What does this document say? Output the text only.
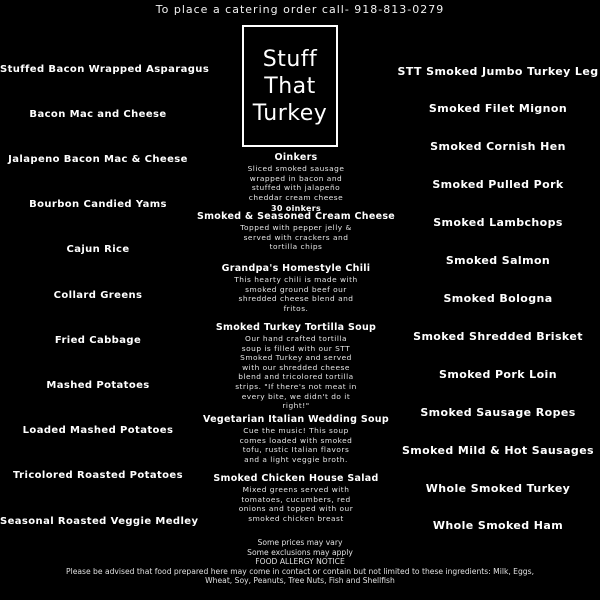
To place a catering order call- 918-813-0279
Stuff
That
Turkey
Stuffed Bacon Wrapped Asparagus
Bacon Mac and Cheese
Jalapeno Bacon Mac & Cheese
Bourbon Candied Yams
Cajun Rice
Collard Greens
Fried Cabbage
Mashed Potatoes
Loaded Mashed Potatoes
Tricolored Roasted Potatoes
Seasonal Roasted Veggie Medley
Oinkers
Sliced smoked sausage wrapped in bacon and stuffed with jalapeño cheddar cream cheese
30 oinkers
Smoked & Seasoned Cream Cheese
Topped with pepper jelly & served with crackers and tortilla chips
Grandpa's Homestyle Chili
This hearty chili is made with smoked ground beef our shredded cheese blend and fritos.
Smoked Turkey Tortilla Soup
Our hand crafted tortilla soup is filled with our STT Smoked Turkey and served with our shredded cheese blend and tricolored tortilla strips. "If there's not meat in every bite, we didn't do it right!"
Vegetarian Italian Wedding Soup
Cue the music! This soup comes loaded with smoked tofu, rustic Italian flavors and a light veggie broth.
Smoked Chicken House Salad
Mixed greens served with tomatoes, cucumbers, red onions and topped with our smoked chicken breast
STT Smoked Jumbo Turkey Leg
Smoked Filet Mignon
Smoked Cornish Hen
Smoked Pulled Pork
Smoked Lambchops
Smoked Salmon
Smoked Bologna
Smoked Shredded Brisket
Smoked Pork Loin
Smoked Sausage Ropes
Smoked Mild & Hot Sausages
Whole Smoked Turkey
Whole Smoked Ham
Some prices may vary
Some exclusions may apply
FOOD ALLERGY NOTICE
Please be advised that food prepared here may come in contact or contain but not limited to these ingredients: Milk, Eggs,
Wheat, Soy, Peanuts, Tree Nuts, Fish and Shellfish
